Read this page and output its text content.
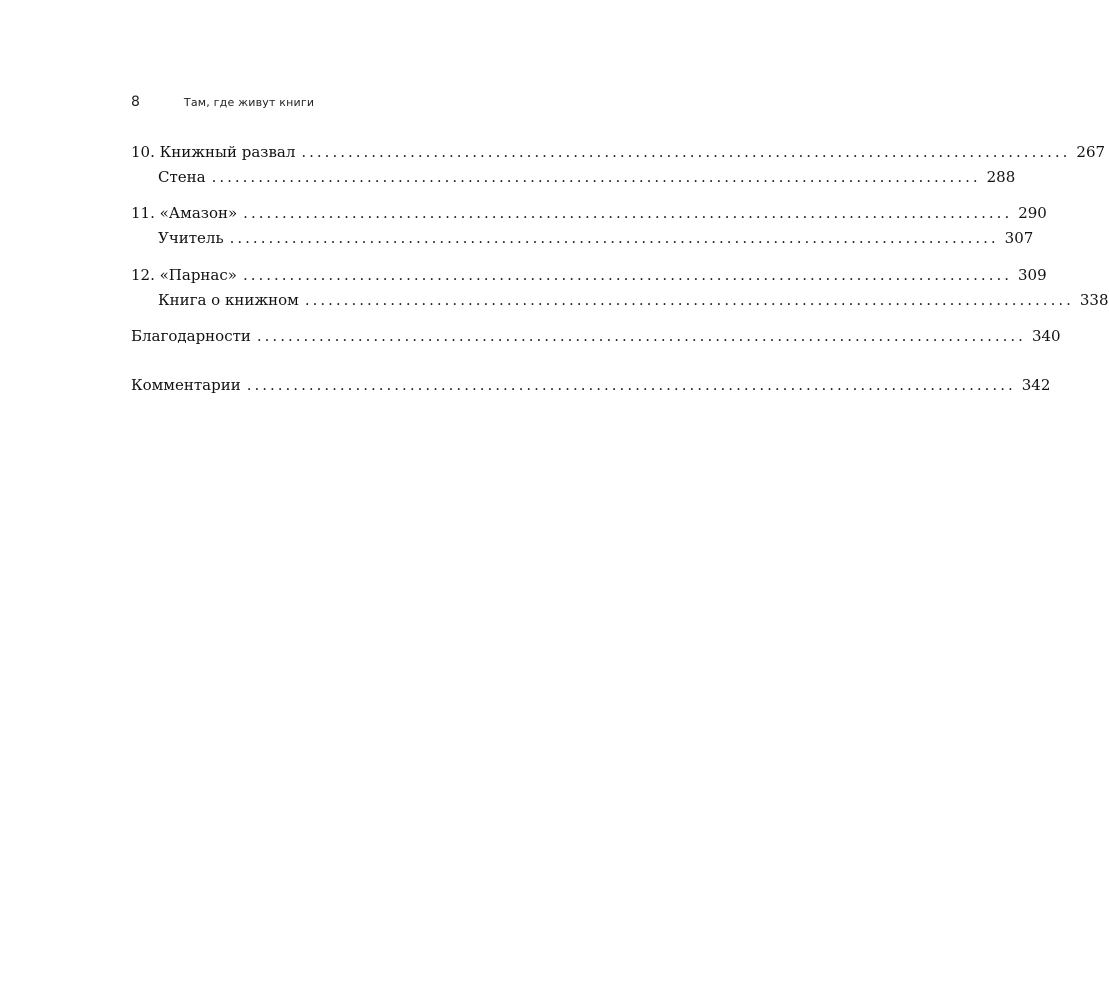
8	Там, где живут книги
10. Книжный развал ................................................................................................... 267
Стена ................................................................................................... 288
11. «Амазон» ................................................................................................... 290
Учитель ................................................................................................... 307
12. «Парнас» ................................................................................................... 309
Книга о книжном ................................................................................................... 338
Благодарности ................................................................................................... 340
Комментарии ................................................................................................... 342
